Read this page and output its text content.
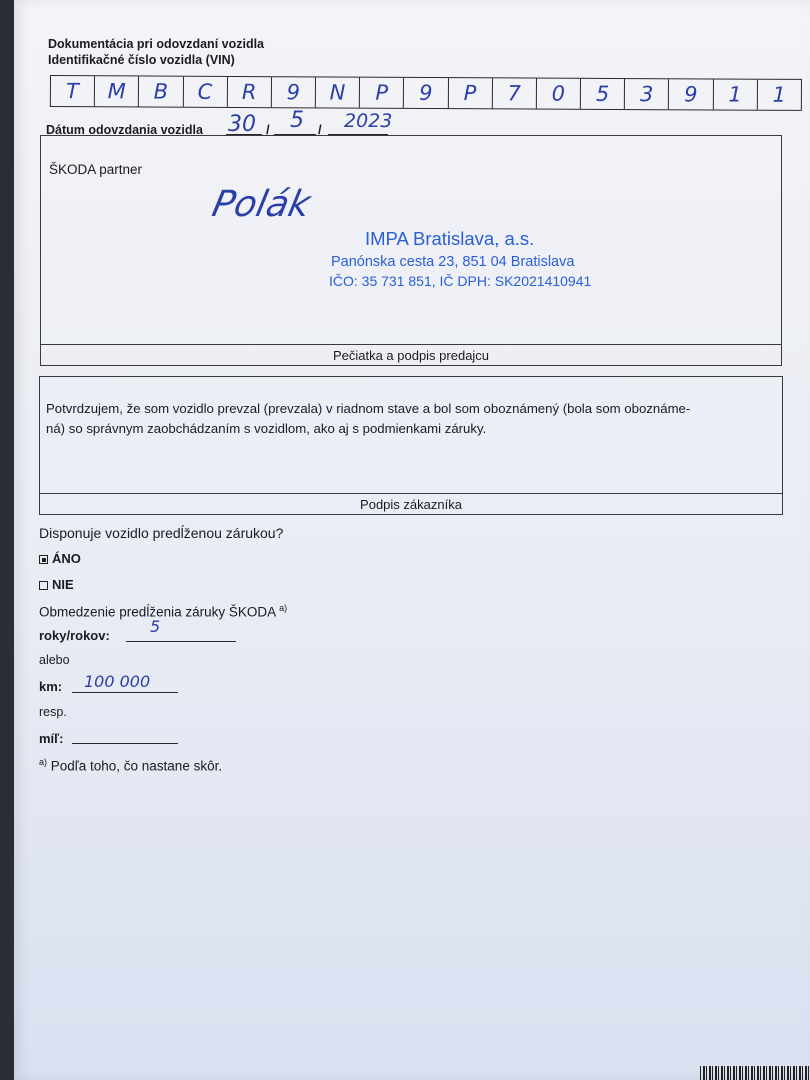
Dokumentácia pri odovzdaní vozidla
Identifikačné číslo vozidla (VIN)
T	M	B	C	R	9	N	P	9	P	7	0	5	3	9	1	1
Dátum odovzdania vozidla 30 / 5 / 2023
ŠKODA partner
Polák
IMPA Bratislava, a.s.
Panónska cesta 23, 851 04 Bratislava
IČO: 35 731 851, IČ DPH: SK2021410941
Pečiatka a podpis predajcu
Potvrdzujem, že som vozidlo prevzal (prevzala) v riadnom stave a bol som oboznámený (bola som oboznáme-
ná) so správnym zaobchádzaním s vozidlom, ako aj s podmienkami záruky.
Podpis zákazníka
Disponuje vozidlo predĺženou zárukou?
ÁNO
NIE
Obmedzenie predĺženia záruky ŠKODA $^{a)}$
roky/rokov:	5
alebo
km: 100 000
resp.
míľ:
$^{a)}$ Podľa toho, čo nastane skôr.
